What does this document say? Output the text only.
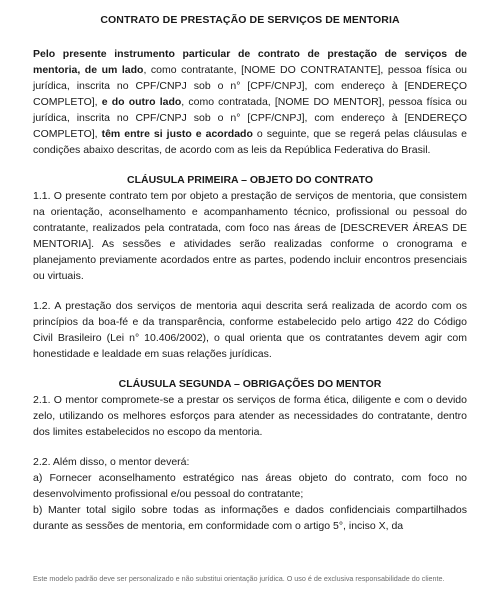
CONTRATO DE PRESTAÇÃO DE SERVIÇOS DE MENTORIA

Pelo presente instrumento particular de contrato de prestação de serviços de mentoria, de um lado, como contratante, [NOME DO CONTRATANTE], pessoa física ou jurídica, inscrita no CPF/CNPJ sob o n° [CPF/CNPJ], com endereço à [ENDEREÇO COMPLETO], e do outro lado, como contratada, [NOME DO MENTOR], pessoa física ou jurídica, inscrita no CPF/CNPJ sob o n° [CPF/CNPJ], com endereço à [ENDEREÇO COMPLETO], têm entre si justo e acordado o seguinte, que se regerá pelas cláusulas e condições abaixo descritas, de acordo com as leis da República Federativa do Brasil.

CLÁUSULA PRIMEIRA – OBJETO DO CONTRATO

1.1. O presente contrato tem por objeto a prestação de serviços de mentoria, que consistem na orientação, aconselhamento e acompanhamento técnico, profissional ou pessoal do contratante, realizados pela contratada, com foco nas áreas de [DESCREVER ÁREAS DE MENTORIA]. As sessões e atividades serão realizadas conforme o cronograma e planejamento previamente acordados entre as partes, podendo incluir encontros presenciais ou virtuais.

1.2. A prestação dos serviços de mentoria aqui descrita será realizada de acordo com os princípios da boa-fé e da transparência, conforme estabelecido pelo artigo 422 do Código Civil Brasileiro (Lei n° 10.406/2002), o qual orienta que os contratantes devem agir com honestidade e lealdade em suas relações jurídicas.

CLÁUSULA SEGUNDA – OBRIGAÇÕES DO MENTOR

2.1. O mentor compromete-se a prestar os serviços de forma ética, diligente e com o devido zelo, utilizando os melhores esforços para atender as necessidades do contratante, dentro dos limites estabelecidos no escopo da mentoria.

2.2. Além disso, o mentor deverá:

a) Fornecer aconselhamento estratégico nas áreas objeto do contrato, com foco no desenvolvimento profissional e/ou pessoal do contratante;

b) Manter total sigilo sobre todas as informações e dados confidenciais compartilhados durante as sessões de mentoria, em conformidade com o artigo 5°, inciso X, da

Este modelo padrão deve ser personalizado e não substitui orientação jurídica. O uso é de exclusiva responsabilidade do cliente.
